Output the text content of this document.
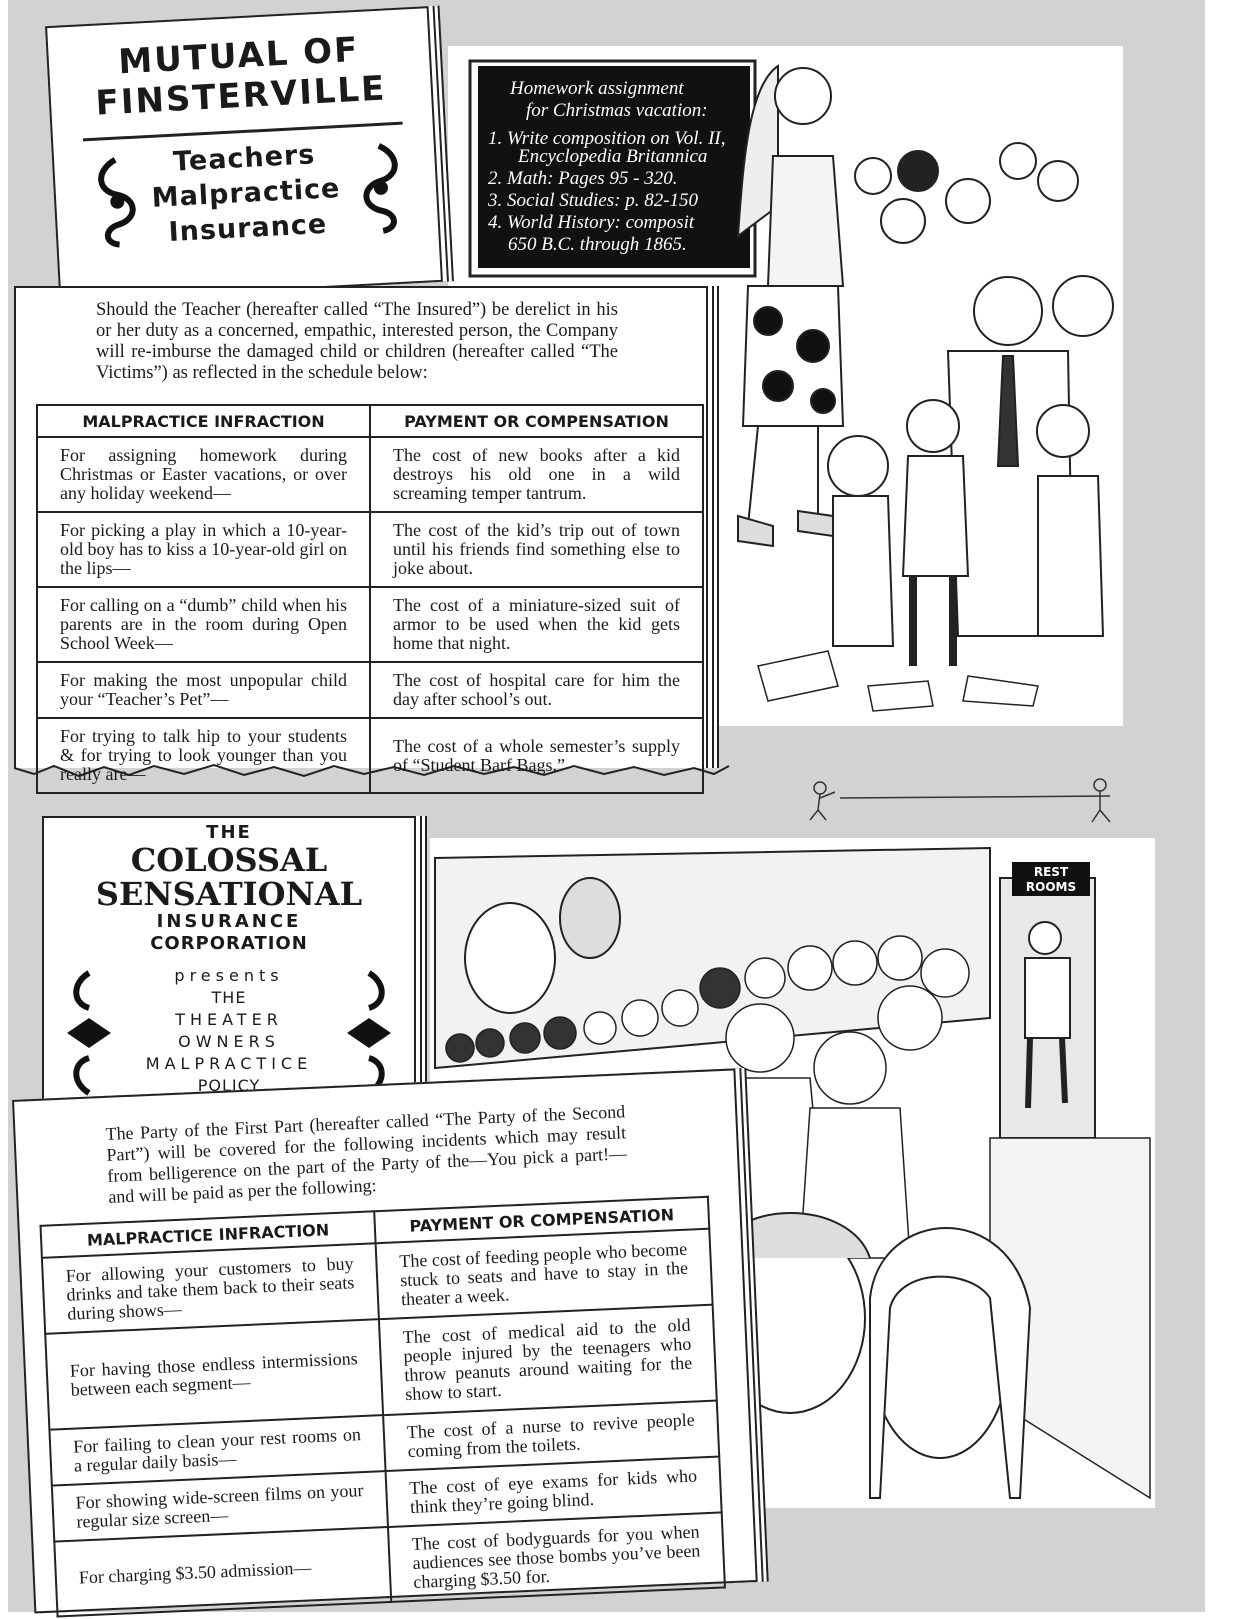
Homework assignment
for Christmas vacation:
1. Write composition on Vol. II,
Encyclopedia Britannica
2. Math: Pages 95 - 320.
3. Social Studies: p. 82-150
4. World History: composit
650 B.C. through 1865.
MUTUAL OF
FINSTERVILLE
Teachers
Malpractice
Insurance
Should the Teacher (hereafter called “The Insured”) be derelict in his or her duty as a concerned, empathic, interested person, the Company will re-imburse the damaged child or children (hereafter called “The Victims”) as reflected in the schedule below:
MALPRACTICE INFRACTION	PAYMENT OR COMPENSATION
For assigning homework during Christmas or Easter vacations, or over any holiday weekend—	The cost of new books after a kid destroys his old one in a wild screaming temper tantrum.
For picking a play in which a 10-year-old boy has to kiss a 10-year-old girl on the lips—	The cost of the kid’s trip out of town until his friends find something else to joke about.
For calling on a “dumb” child when his parents are in the room during Open School Week—	The cost of a miniature-sized suit of armor to be used when the kid gets home that night.
For making the most unpopular child your “Teacher’s Pet”—	The cost of hospital care for him the day after school’s out.
For trying to talk hip to your students & for trying to look younger than you really are—	The cost of a whole semester’s supply of “Student Barf Bags.”
REST
ROOMS
THE
COLOSSAL
SENSATIONAL
INSURANCE
CORPORATION
presents
THE
THEATER
OWNERS
MALPRACTICE
POLICY
The Party of the First Part (hereafter called “The Party of the Second Part”) will be covered for the following incidents which may result from belligerence on the part of the Party of the—You pick a part!—and will be paid as per the following:
MALPRACTICE INFRACTION	PAYMENT OR COMPENSATION
For allowing your customers to buy drinks and take them back to their seats during shows—	The cost of feeding people who become stuck to seats and have to stay in the theater a week.
For having those endless intermissions between each segment—	The cost of medical aid to the old people injured by the teenagers who throw peanuts around waiting for the show to start.
For failing to clean your rest rooms on a regular daily basis—	The cost of a nurse to revive people coming from the toilets.
For showing wide-screen films on your regular size screen—	The cost of eye exams for kids who think they’re going blind.
For charging $3.50 admission—	The cost of bodyguards for you when audiences see those bombs you’ve been charging $3.50 for.
